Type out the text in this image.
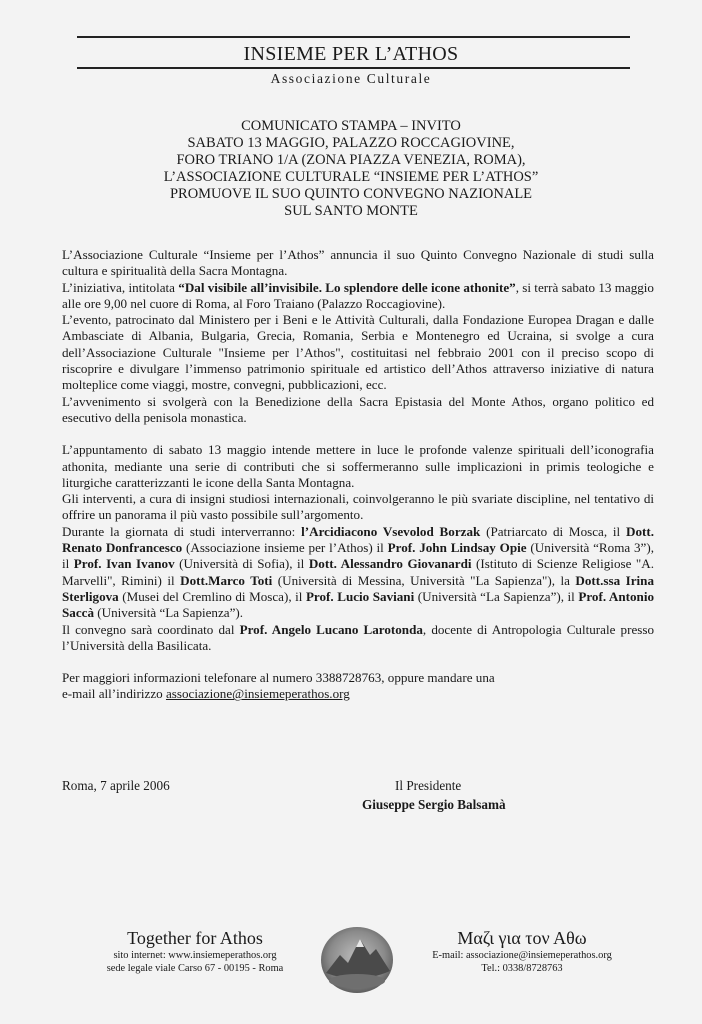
INSIEME PER L’ATHOS
Associazione Culturale
COMUNICATO STAMPA – INVITO
SABATO 13 MAGGIO, PALAZZO ROCCAGIOVINE,
FORO TRIANO 1/A (ZONA PIAZZA VENEZIA, ROMA),
L’ASSOCIAZIONE CULTURALE “INSIEME PER L’ATHOS”
PROMUOVE IL SUO QUINTO CONVEGNO NAZIONALE
SUL SANTO MONTE

L’Associazione Culturale “Insieme per l’Athos” annuncia il suo Quinto Convegno Nazionale di studi sulla cultura e spiritualità della Sacra Montagna.

L’iniziativa, intitolata “Dal visibile all’invisibile. Lo splendore delle icone athonite”, si terrà sabato 13 maggio alle ore 9,00 nel cuore di Roma, al Foro Traiano (Palazzo Roccagiovine).

L’evento, patrocinato dal Ministero per i Beni e le Attività Culturali, dalla Fondazione Europea Dragan e dalle Ambasciate di Albania, Bulgaria, Grecia, Romania, Serbia e Montenegro ed Ucraina, si svolge a cura dell’Associazione Culturale "Insieme per l’Athos", costituitasi nel febbraio 2001 con il preciso scopo di riscoprire e divulgare l’immenso patrimonio spirituale ed artistico dell’Athos attraverso iniziative di natura molteplice come viaggi, mostre, convegni, pubblicazioni, ecc.

L’avvenimento si svolgerà con la Benedizione della Sacra Epistasia del Monte Athos, organo politico ed esecutivo della penisola monastica.

L’appuntamento di sabato 13 maggio intende mettere in luce le profonde valenze spirituali dell’iconografia athonita, mediante una serie di contributi che si soffermeranno sulle implicazioni in primis teologiche e liturgiche caratterizzanti le icone della Santa Montagna.

Gli interventi, a cura di insigni studiosi internazionali, coinvolgeranno le più svariate discipline, nel tentativo di offrire un panorama il più vasto possibile sull’argomento.

Durante la giornata di studi interverranno: l’Arcidiacono Vsevolod Borzak (Patriarcato di Mosca, il Dott. Renato Donfrancesco (Associazione insieme per l’Athos) il Prof. John Lindsay Opie (Università “Roma 3”), il Prof. Ivan Ivanov (Università di Sofia), il Dott. Alessandro Giovanardi (Istituto di Scienze Religiose "A. Marvelli", Rimini) il Dott.Marco Toti (Università di Messina, Università "La Sapienza"), la Dott.ssa Irina Sterligova (Musei del Cremlino di Mosca), il Prof. Lucio Saviani (Università “La Sapienza”), il Prof. Antonio Saccà (Università “La Sapienza”).

Il convegno sarà coordinato dal Prof. Angelo Lucano Larotonda, docente di Antropologia Culturale presso l’Università della Basilicata.

Per maggiori informazioni telefonare al numero 3388728763, oppure mandare una
e-mail all’indirizzo associazione@insiemeperathos.org

Roma, 7 aprile 2006	Il Presidente
Giuseppe Sergio Balsamà
Together for Athos
sito internet: www.insiemeperathos.org
sede legale viale Carso 67 - 00195 - Roma
Μαζι για τον Αθω
E-mail: associazione@insiemeperathos.org
Tel.: 0338/8728763
